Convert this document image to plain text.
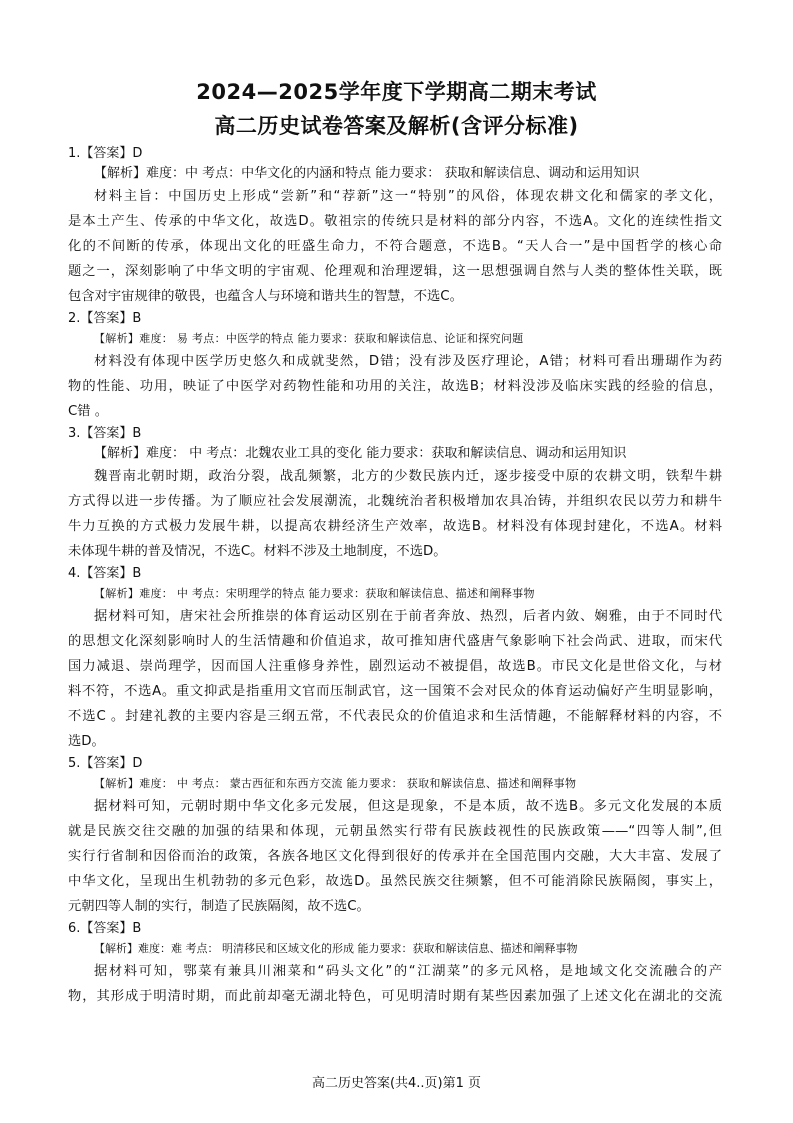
2024—2025学年度下学期高二期末考试
高二历史试卷答案及解析(含评分标准)
1.【答案】D
【解析】难度：中 考点：中华文化的内涵和特点 能力要求： 获取和解读信息、调动和运用知识
材料主旨：中国历史上形成“尝新”和“荐新”这一“特别”的风俗，体现农耕文化和儒家的孝文化，
是本土产生、传承的中华文化，故选D。敬祖宗的传统只是材料的部分内容，不选A。文化的连续性指文
化的不间断的传承，体现出文化的旺盛生命力，不符合题意，不选B。“天人合一”是中国哲学的核心命
题之一，深刻影响了中华文明的宇宙观、伦理观和治理逻辑，这一思想强调自然与人类的整体性关联，既
包含对宇宙规律的敬畏，也蕴含人与环境和谐共生的智慧，不选C。
2.【答案】B
【解析】难度： 易 考点：中医学的特点 能力要求：获取和解读信息、论证和探究问题
材料没有体现中医学历史悠久和成就斐然，D错；没有涉及医疗理论，A错；材料可看出珊瑚作为药
物的性能、功用，映证了中医学对药物性能和功用的关注，故选B；材料没涉及临床实践的经验的信息，
C错 。
3.【答案】B
【解析】难度： 中 考点：北魏农业工具的变化 能力要求：获取和解读信息、调动和运用知识
魏晋南北朝时期，政治分裂，战乱频繁，北方的少数民族内迁，逐步接受中原的农耕文明，铁犁牛耕
方式得以进一步传播。为了顺应社会发展潮流，北魏统治者积极增加农具冶铸，并组织农民以劳力和耕牛
牛力互换的方式极力发展牛耕，以提高农耕经济生产效率，故选B。材料没有体现封建化，不选A。材料
未体现牛耕的普及情况，不选C。材料不涉及土地制度，不选D。
4.【答案】B
【解析】难度： 中 考点：宋明理学的特点 能力要求：获取和解读信息、描述和阐释事物
据材料可知，唐宋社会所推崇的体育运动区别在于前者奔放、热烈，后者内敛、娴雅，由于不同时代
的思想文化深刻影响时人的生活情趣和价值追求，故可推知唐代盛唐气象影响下社会尚武、进取，而宋代
国力减退、崇尚理学，因而国人注重修身养性，剧烈运动不被提倡，故选B。市民文化是世俗文化，与材
料不符，不选A。重文抑武是指重用文官而压制武官，这一国策不会对民众的体育运动偏好产生明显影响，
不选C 。封建礼教的主要内容是三纲五常，不代表民众的价值追求和生活情趣，不能解释材料的内容，不
选D。
5.【答案】D
【解析】难度： 中 考点： 蒙古西征和东西方交流 能力要求： 获取和解读信息、描述和阐释事物
据材料可知，元朝时期中华文化多元发展，但这是现象，不是本质，故不选B。多元文化发展的本质
就是民族交往交融的加强的结果和体现，元朝虽然实行带有民族歧视性的民族政策——“四等人制”,但
实行行省制和因俗而治的政策，各族各地区文化得到很好的传承并在全国范围内交融，大大丰富、发展了
中华文化，呈现出生机勃勃的多元色彩，故选D。虽然民族交往频繁，但不可能消除民族隔阂，事实上，
元朝四等人制的实行，制造了民族隔阂，故不选C。
6.【答案】B
【解析】难度：难 考点： 明清移民和区域文化的形成 能力要求：获取和解读信息、描述和阐释事物
据材料可知，鄂菜有兼具川湘菜和“码头文化”的“江湖菜”的多元风格，是地域文化交流融合的产
物，其形成于明清时期，而此前却毫无湖北特色，可见明清时期有某些因素加强了上述文化在湖北的交流
高二历史答案(共4..页)第1 页
